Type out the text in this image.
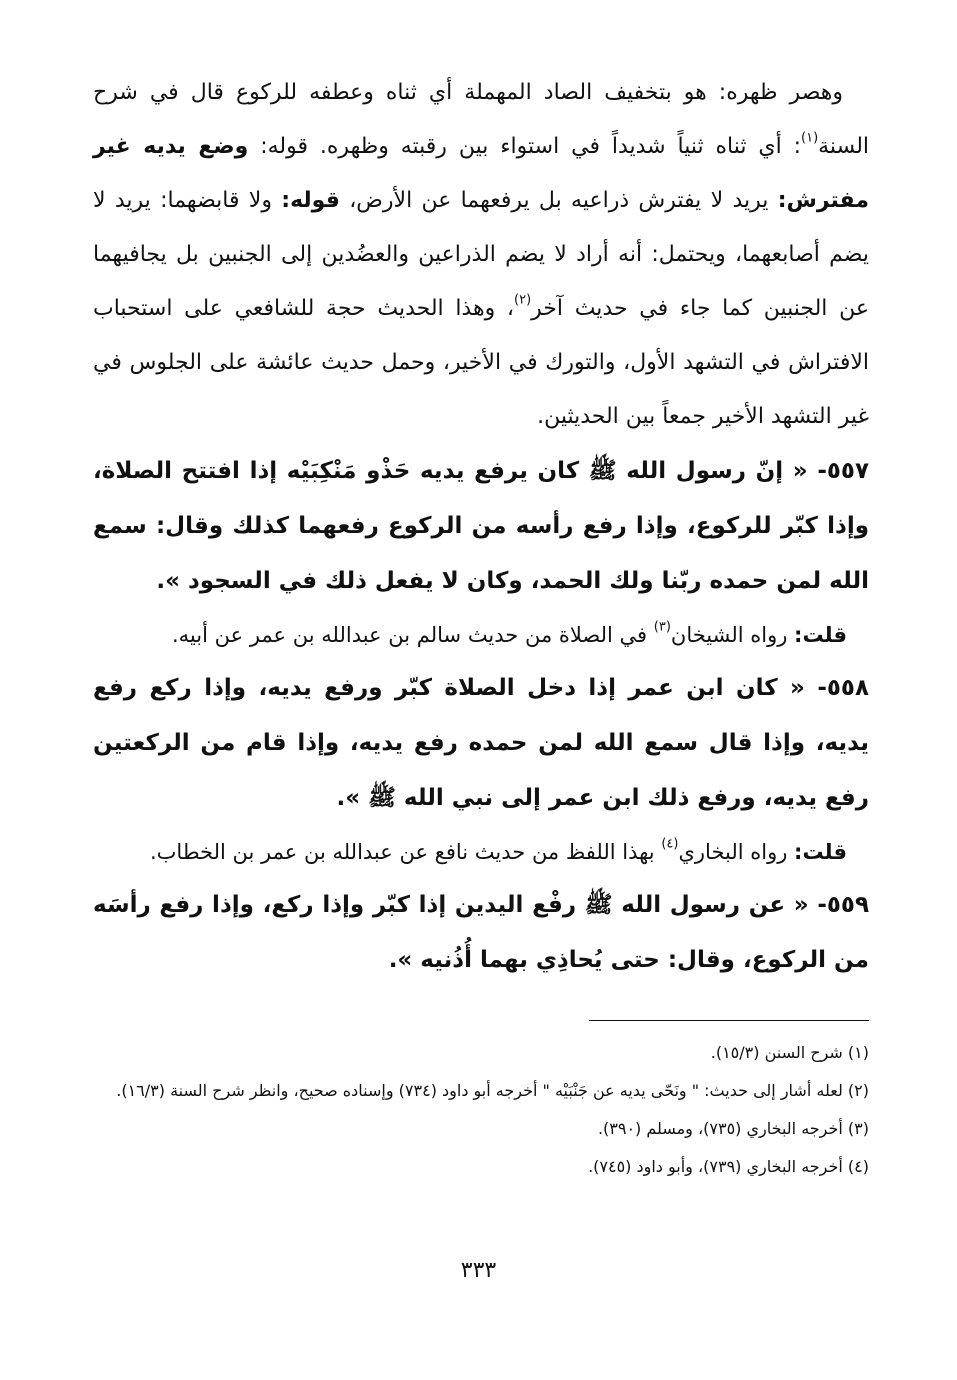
وهصر ظهره: هو بتخفيف الصاد المهملة أي ثناه وعطفه للركوع قال في شرح السنة$^{(١)}$: أي ثناه ثنياً شديداً في استواء بين رقبته وظهره. قوله: وضع يديه غير مفترش: يريد لا يفترش ذراعيه بل يرفعهما عن الأرض، قوله: ولا قابضهما: يريد لا يضم أصابعهما، ويحتمل: أنه أراد لا يضم الذراعين والعضُدين إلى الجنبين بل يجافيهما عن الجنبين كما جاء في حديث آخر$^{(٢)}$، وهذا الحديث حجة للشافعي على استحباب الافتراش في التشهد الأول، والتورك في الأخير، وحمل حديث عائشة على الجلوس في غير التشهد الأخير جمعاً بين الحديثين.

٥٥٧- « إنّ رسول الله ﷺ كان يرفع يديه حَذْو مَنْكِبَيْه إذا افتتح الصلاة، وإذا كبّر للركوع، وإذا رفع رأسه من الركوع رفعهما كذلك وقال: سمع الله لمن حمده ربّنا ولك الحمد، وكان لا يفعل ذلك في السجود ».

قلت: رواه الشيخان$^{(٣)}$ في الصلاة من حديث سالم بن عبدالله بن عمر عن أبيه.

٥٥٨- « كان ابن عمر إذا دخل الصلاة كبّر ورفع يديه، وإذا ركع رفع يديه، وإذا قال سمع الله لمن حمده رفع يديه، وإذا قام من الركعتين رفع يديه، ورفع ذلك ابن عمر إلى نبي الله ﷺ ».

قلت: رواه البخاري$^{(٤)}$ بهذا اللفظ من حديث نافع عن عبدالله بن عمر بن الخطاب.

٥٥٩- « عن رسول الله ﷺ رفْع اليدين إذا كبّر وإذا ركع، وإذا رفع رأسَه من الركوع، وقال: حتى يُحاذِي بهما أُذُنيه ».

(١) شرح السنن (١٥/٣).

(٢) لعله أشار إلى حديث: " ونَحّى يديه عن جَنْبَيْه " أخرجه أبو داود (٧٣٤) وإسناده صحيح، وانظر شرح السنة (١٦/٣).

(٣) أخرجه البخاري (٧٣٥)، ومسلم (٣٩٠).

(٤) أخرجه البخاري (٧٣٩)، وأبو داود (٧٤٥).

٣٣٣
